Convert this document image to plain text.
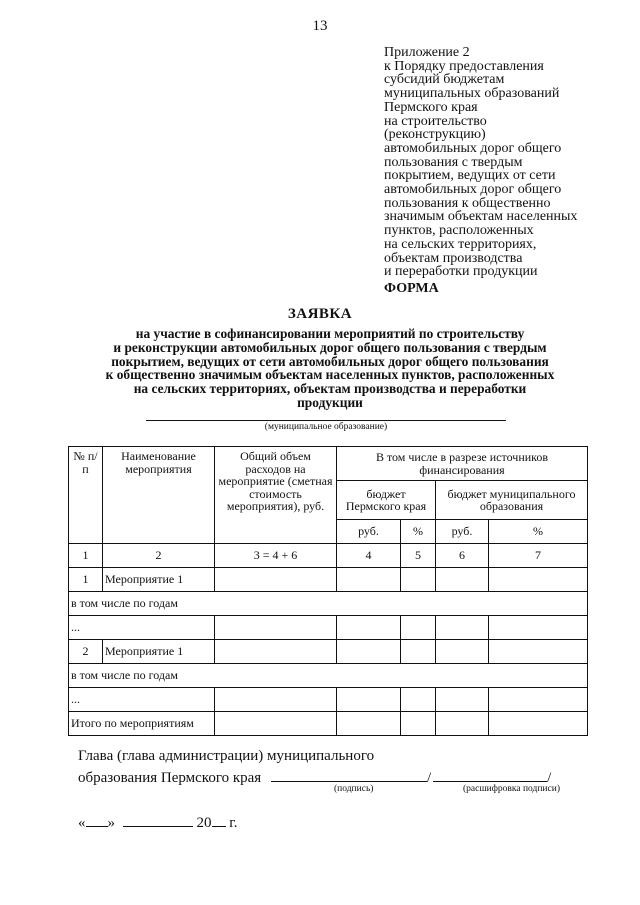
13
Приложение 2
к Порядку предоставления
субсидий бюджетам
муниципальных образований
Пермского края
на строительство
(реконструкцию)
автомобильных дорог общего
пользования с твердым
покрытием, ведущих от сети
автомобильных дорог общего
пользования к общественно
значимым объектам населенных
пунктов, расположенных
на сельских территориях,
объектам производства
и переработки продукции
ФОРМА
ЗАЯВКА
на участие в софинансировании мероприятий по строительству
и реконструкции автомобильных дорог общего пользования с твердым
покрытием, ведущих от сети автомобильных дорог общего пользования
к общественно значимым объектам населенных пунктов, расположенных
на сельских территориях, объектам производства и переработки
продукции
(муниципальное образование)
№ п/п	Наименование мероприятия	Общий объем расходов на мероприятие (сметная стоимость мероприятия), руб.	В том числе в разрезе источников финансирования			
			бюджет Пермского края		бюджет муниципального образования	
			руб.	%	руб.	%
1	2	3 = 4 + 6	4	5	6	7
1	Мероприятие 1					
в том числе по годам						
...						
2	Мероприятие 1					
в том числе по годам						
...						
Итого по мероприятиям						
Глава (глава администрации) муниципального
образования Пермского края	/	/
(подпись)	(расшифровка подписи)
« »	20 г.
